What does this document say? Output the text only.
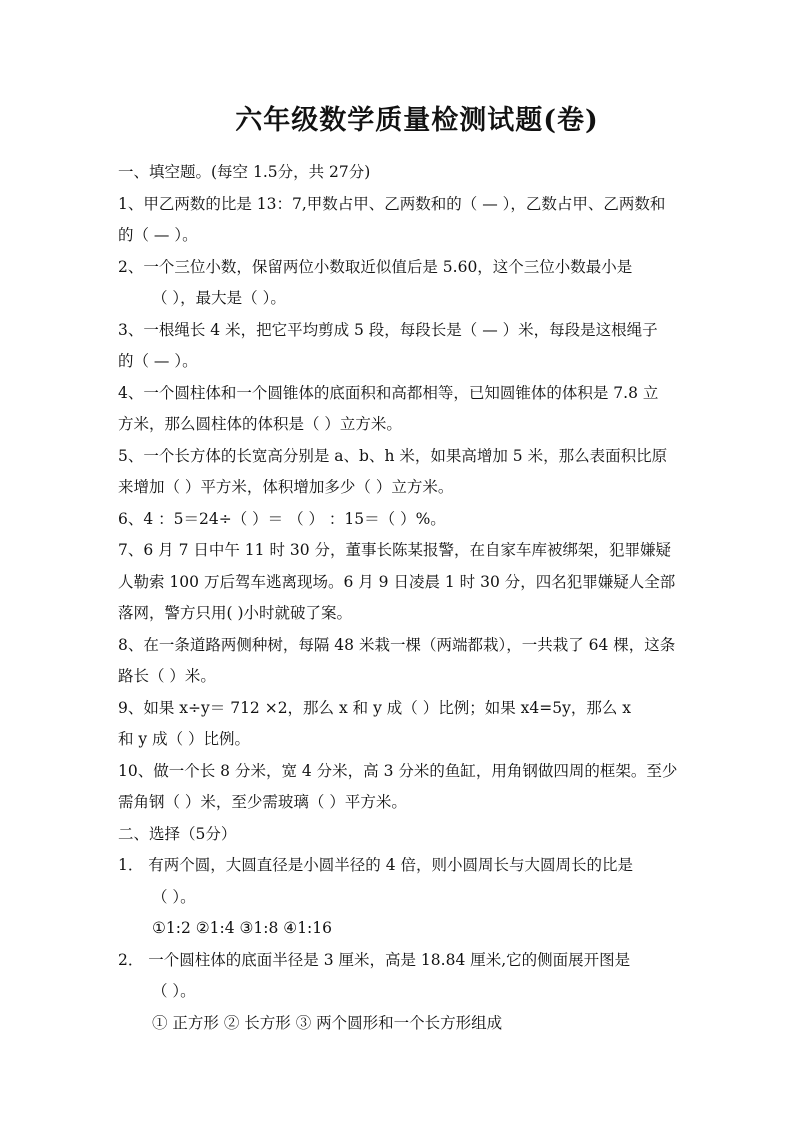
六年级数学质量检测试题(卷)
一、填空题。(每空 1.5分，共 27分)
1、甲乙两数的比是 13：7,甲数占甲、乙两数和的（ — ），乙数占甲、乙两数和
的（ — ）。
2、一个三位小数，保留两位小数取近似值后是 5.60，这个三位小数最小是
（ ），最大是（ ）。
3、一根绳长 4 米，把它平均剪成 5 段，每段长是（ — ）米，每段是这根绳子
的（ — ）。
4、一个圆柱体和一个圆锥体的底面积和高都相等，已知圆锥体的体积是 7.8 立
方米，那么圆柱体的体积是（ ）立方米。
5、一个长方体的长宽高分别是 a、b、h 米，如果高增加 5 米，那么表面积比原
来增加（ ）平方米，体积增加多少（ ）立方米。
6、4 ：5＝24÷（ ）＝ （ ） ：15＝（ ）%。
7、6 月 7 日中午 11 时 30 分，董事长陈某报警，在自家车库被绑架，犯罪嫌疑
人勒索 100 万后驾车逃离现场。6 月 9 日凌晨 1 时 30 分，四名犯罪嫌疑人全部
落网，警方只用( )小时就破了案。
8、在一条道路两侧种树，每隔 48 米栽一棵（两端都栽），一共栽了 64 棵，这条
路长（ ）米。
9、如果 x÷y＝ 712 ×2，那么 x 和 y 成（ ）比例；如果 x4=5y，那么 x
和 y 成（ ）比例。
10、做一个长 8 分米，宽 4 分米，高 3 分米的鱼缸，用角钢做四周的框架。至少
需角钢（ ）米，至少需玻璃（ ）平方米。
二、选择（5分）
1． 有两个圆，大圆直径是小圆半径的 4 倍，则小圆周长与大圆周长的比是
（ ）。
①1:2 ②1:4 ③1:8 ④1:16
2． 一个圆柱体的底面半径是 3 厘米，高是 18.84 厘米,它的侧面展开图是
（ ）。
① 正方形 ② 长方形 ③ 两个圆形和一个长方形组成
